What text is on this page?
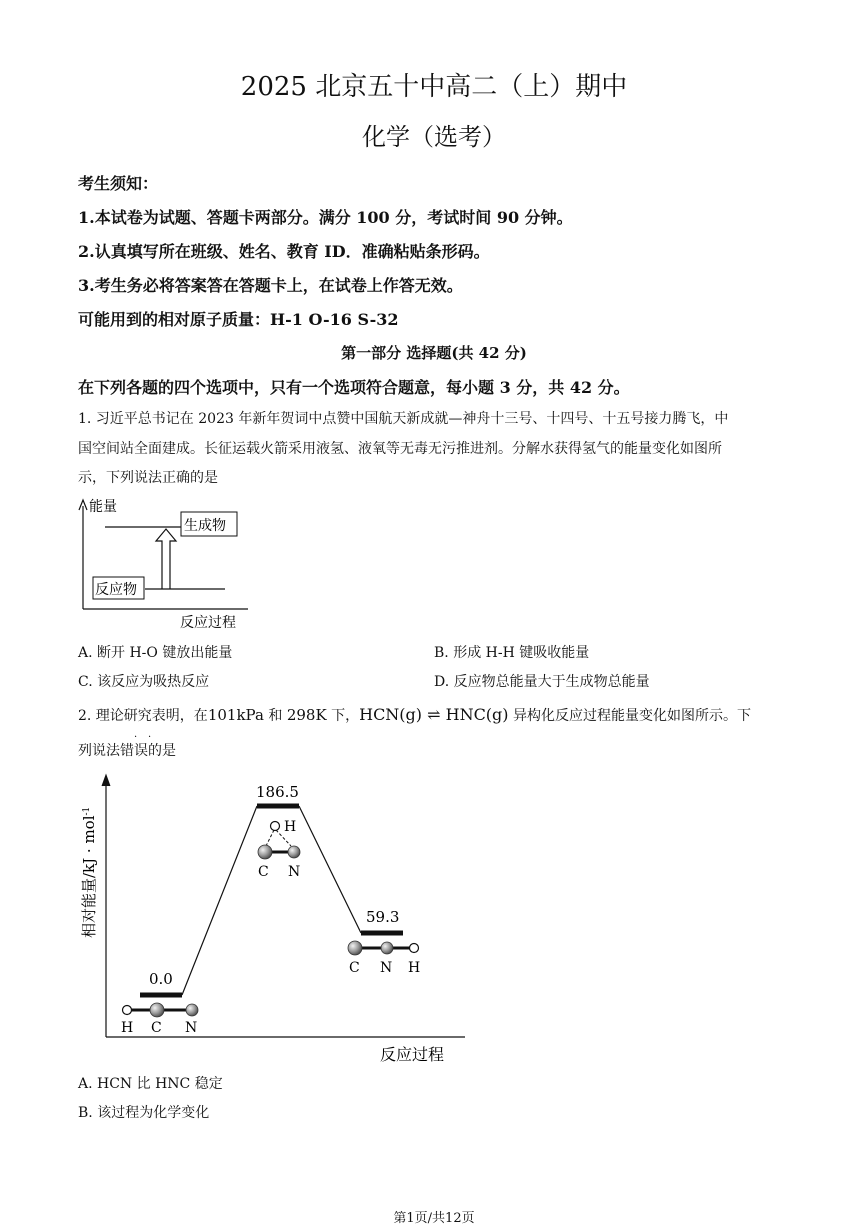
2025 北京五十中高二（上）期中
化学（选考）
考生须知：
1.本试卷为试题、答题卡两部分。满分 100 分，考试时间 90 分钟。
2.认真填写所在班级、姓名、教育 ID．准确粘贴条形码。
3.考生务必将答案答在答题卡上，在试卷上作答无效。
可能用到的相对原子质量：H-1 O-16 S-32
第一部分 选择题(共 42 分)
在下列各题的四个选项中，只有一个选项符合题意，每小题 3 分，共 42 分。
1. 习近平总书记在 2023 年新年贺词中点赞中国航天新成就—神舟十三号、十四号、十五号接力腾飞，中
国空间站全面建成。长征运载火箭采用液氢、液氧等无毒无污推进剂。分解水获得氢气的能量变化如图所
示，下列说法正确的是
能量
生成物
反应物
反应过程
A. 断开 H-O 键放出能量	B. 形成 H-H 键吸收能量
C. 该反应为吸热反应	D. 反应物总能量大于生成物总能量
2. 理论研究表明，在101kPa 和 298K 下，HCN(g) ⇌ HNC(g) 异构化反应过程能量变化如图所示。下
列说法错误的是
· ·
相对能量/kJ · mol$^{-1}$
反应过程
0.0
186.5
59.3
H C N
H
C N
C N H
A. HCN 比 HNC 稳定
B. 该过程为化学变化
第1页/共12页
